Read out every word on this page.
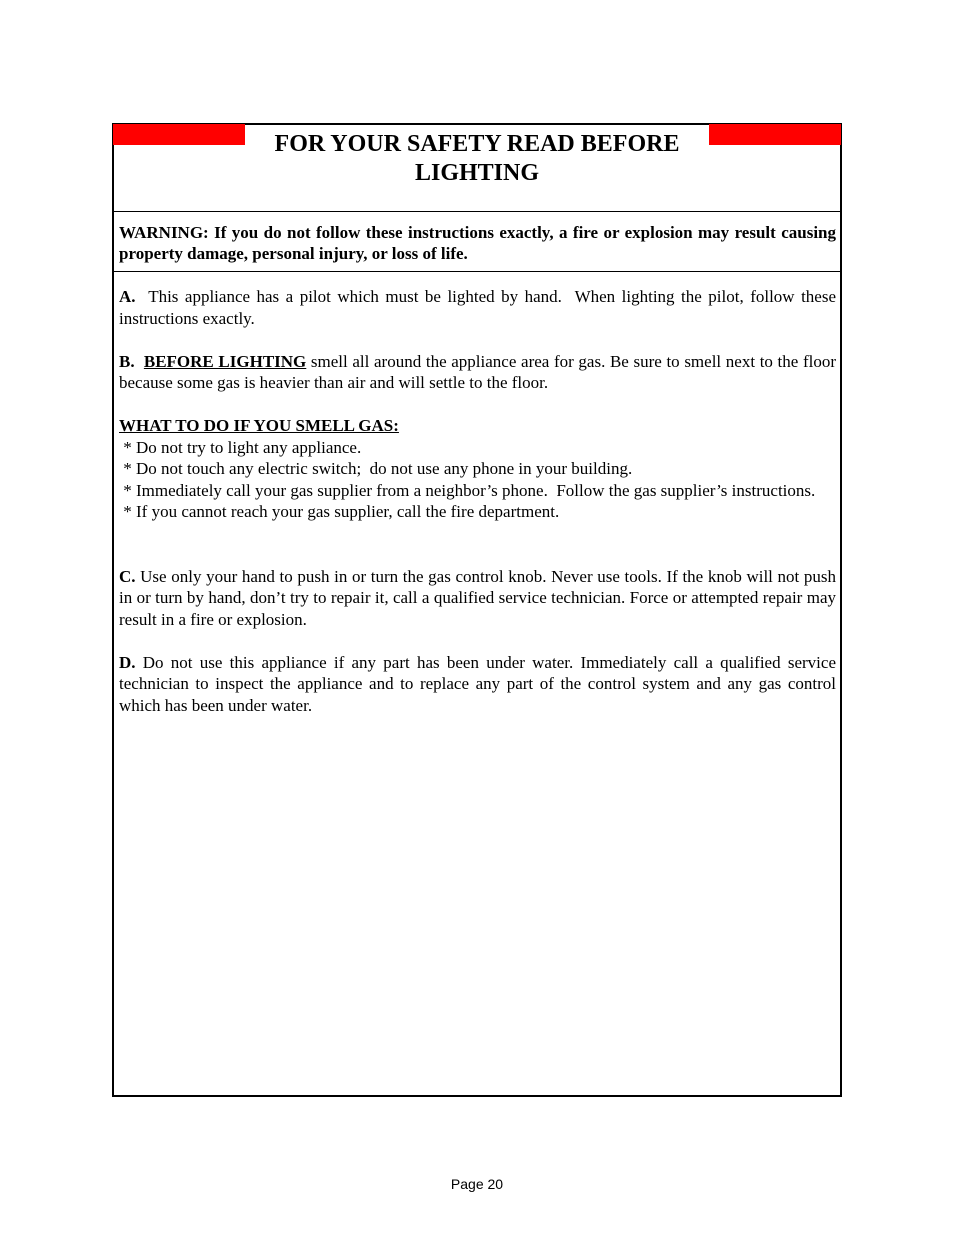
FOR YOUR SAFETY READ BEFORE
LIGHTING
WARNING: If you do not follow these instructions exactly, a fire or explosion may result causing property damage, personal injury, or loss of life.

A.  This appliance has a pilot which must be lighted by hand.  When lighting the pilot, follow these instructions exactly.

B. BEFORE LIGHTING smell all around the appliance area for gas. Be sure to smell next to the floor because some gas is heavier than air and will settle to the floor.

WHAT TO DO IF YOU SMELL GAS:

* Do not try to light any appliance.

* Do not touch any electric switch;  do not use any phone in your building.

* Immediately call your gas supplier from a neighbor’s phone.  Follow the gas supplier’s instructions.

* If you cannot reach your gas supplier, call the fire department.

C. Use only your hand to push in or turn the gas control knob. Never use tools. If the knob will not push in or turn by hand, don’t try to repair it, call a qualified service technician. Force or attempted repair may result in a fire or explosion.

D. Do not use this appliance if any part has been under water. Immediately call a qualified service technician to inspect the appliance and to replace any part of the control system and any gas control which has been under water.

Page 20
